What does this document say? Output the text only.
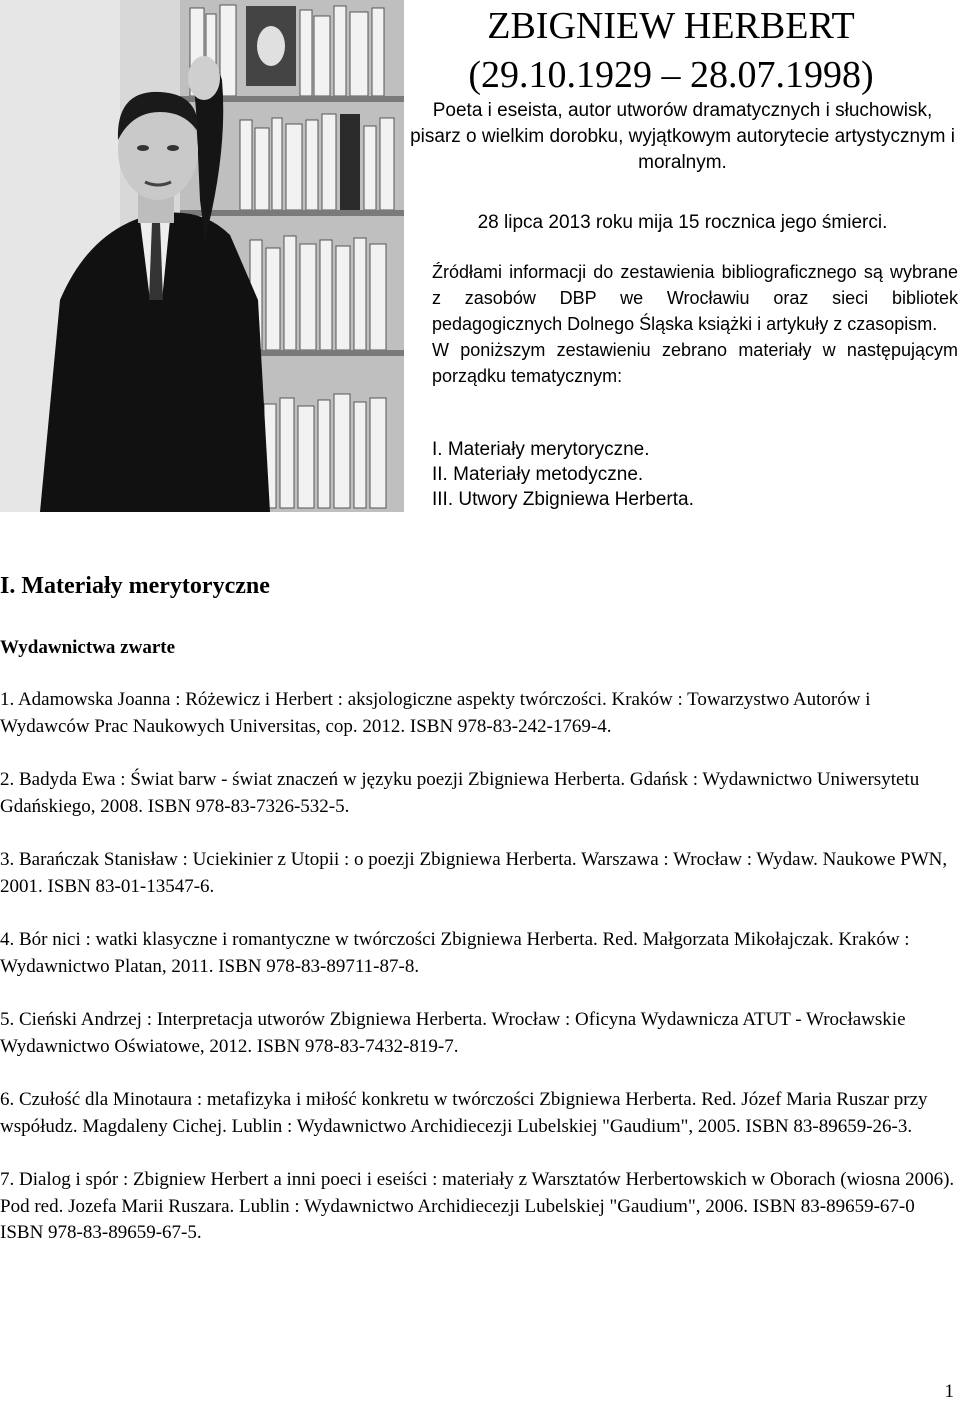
ZBIGNIEW HERBERT
(29.10.1929 – 28.07.1998)
Poeta i eseista, autor utworów dramatycznych i słuchowisk, pisarz o wielkim dorobku, wyjątkowym autorytecie artystycznym i moralnym.
28 lipca 2013 roku mija 15 rocznica jego śmierci.

Źródłami informacji do zestawienia bibliograficznego są wybrane z zasobów DBP we Wrocławiu oraz sieci bibliotek pedagogicznych Dolnego Śląska książki i artykuły z czasopism.

W poniższym zestawieniu zebrano materiały w następującym porządku tematycznym:

I. Materiały merytoryczne.
II. Materiały metodyczne.
III. Utwory Zbigniewa Herberta.
I. Materiały merytoryczne
Wydawnictwa zwarte
1. Adamowska Joanna : Różewicz i Herbert : aksjologiczne aspekty twórczości. Kraków : Towarzystwo Autorów i Wydawców Prac Naukowych Universitas, cop. 2012. ISBN 978-83-242-1769-4.
2. Badyda Ewa : Świat barw - świat znaczeń w języku poezji Zbigniewa Herberta. Gdańsk : Wydawnictwo Uniwersytetu Gdańskiego, 2008. ISBN 978-83-7326-532-5.
3. Barańczak Stanisław : Uciekinier z Utopii : o poezji Zbigniewa Herberta. Warszawa : Wrocław : Wydaw. Naukowe PWN, 2001. ISBN 83-01-13547-6.
4. Bór nici : watki klasyczne i romantyczne w twórczości Zbigniewa Herberta. Red. Małgorzata Mikołajczak. Kraków : Wydawnictwo Platan, 2011. ISBN 978-83-89711-87-8.
5. Cieński Andrzej : Interpretacja utworów Zbigniewa Herberta. Wrocław : Oficyna Wydawnicza ATUT - Wrocławskie Wydawnictwo Oświatowe, 2012. ISBN 978-83-7432-819-7.
6. Czułość dla Minotaura : metafizyka i miłość konkretu w twórczości Zbigniewa Herberta. Red. Józef Maria Ruszar przy współudz. Magdaleny Cichej. Lublin : Wydawnictwo Archidiecezji Lubelskiej "Gaudium", 2005. ISBN 83-89659-26-3.
7. Dialog i spór : Zbigniew Herbert a inni poeci i eseiści : materiały z Warsztatów Herbertowskich w Oborach (wiosna 2006). Pod red. Jozefa Marii Ruszara. Lublin : Wydawnictwo Archidiecezji Lubelskiej "Gaudium", 2006. ISBN 83-89659-67-0 ISBN 978-83-89659-67-5.
1
